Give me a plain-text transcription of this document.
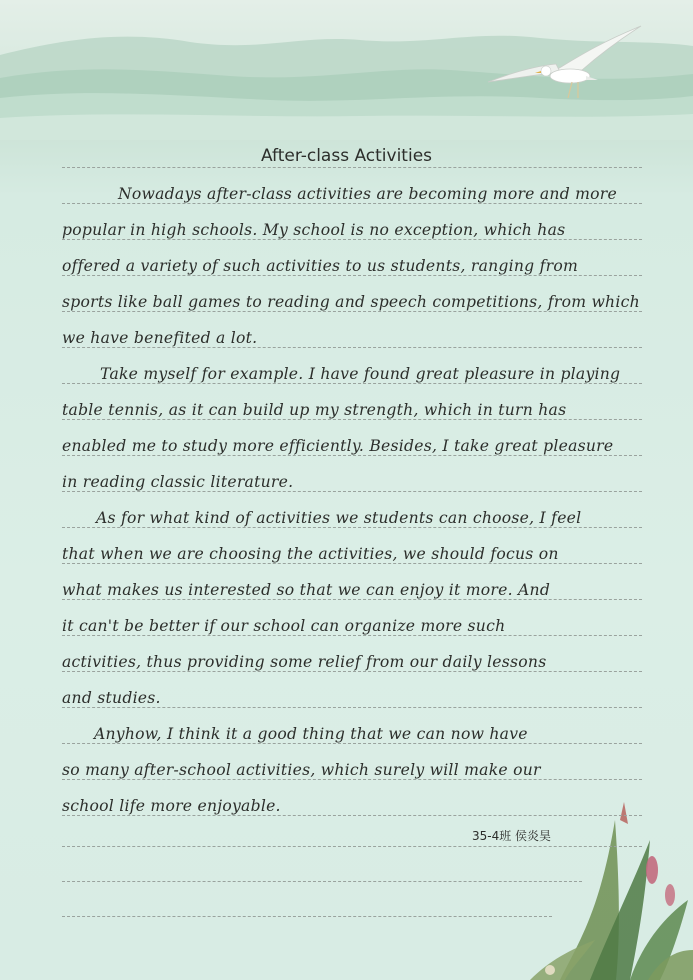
After-class Activities
Nowadays after-class activities are becoming more and more
popular in high schools. My school is no exception, which has
offered a variety of such activities to us students, ranging from
sports like ball games to reading and speech competitions, from which
we have benefited a lot.
Take myself for example. I have found great pleasure in playing
table tennis, as it can build up my strength, which in turn has
enabled me to study more efficiently. Besides, I take great pleasure
in reading classic literature.
As for what kind of activities we students can choose, I feel
that when we are choosing the activities, we should focus on
what makes us interested so that we can enjoy it more. And
it can't be better if our school can organize more such
activities, thus providing some relief from our daily lessons
and studies.
Anyhow, I think it a good thing that we can now have
so many after-school activities, which surely will make our
school life more enjoyable.
35-4班 侯炎昊
